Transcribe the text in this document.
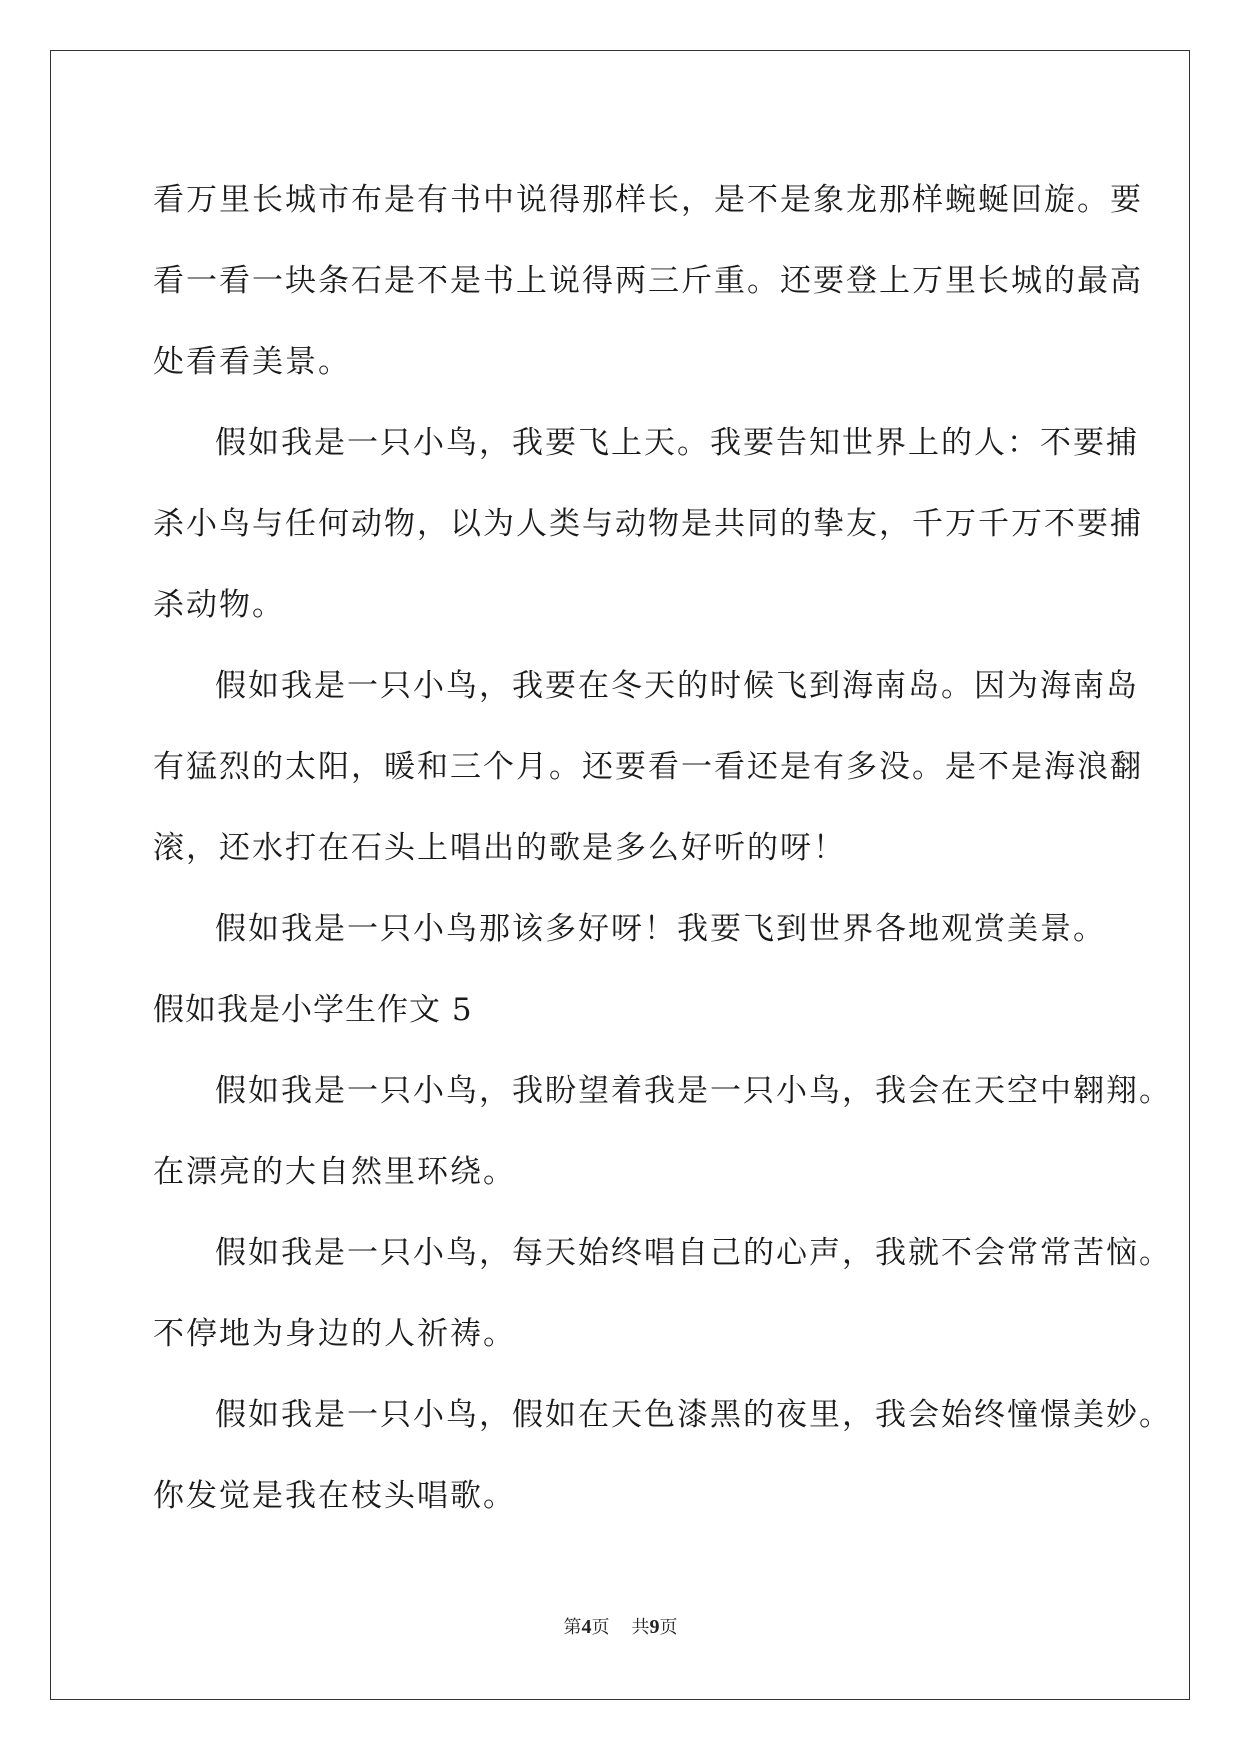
看万里长城市布是有书中说得那样长，是不是象龙那样蜿蜒回旋。要
看一看一块条石是不是书上说得两三斤重。还要登上万里长城的最高
处看看美景。
假如我是一只小鸟，我要飞上天。我要告知世界上的人：不要捕
杀小鸟与任何动物，以为人类与动物是共同的挚友，千万千万不要捕
杀动物。
假如我是一只小鸟，我要在冬天的时候飞到海南岛。因为海南岛
有猛烈的太阳，暖和三个月。还要看一看还是有多没。是不是海浪翻
滚，还水打在石头上唱出的歌是多么好听的呀！
假如我是一只小鸟那该多好呀！我要飞到世界各地观赏美景。
假如我是小学生作文 5
假如我是一只小鸟，我盼望着我是一只小鸟，我会在天空中翱翔。
在漂亮的大自然里环绕。
假如我是一只小鸟，每天始终唱自己的心声，我就不会常常苦恼。
不停地为身边的人祈祷。
假如我是一只小鸟，假如在天色漆黑的夜里，我会始终憧憬美妙。
你发觉是我在枝头唱歌。
第4页 共9页
